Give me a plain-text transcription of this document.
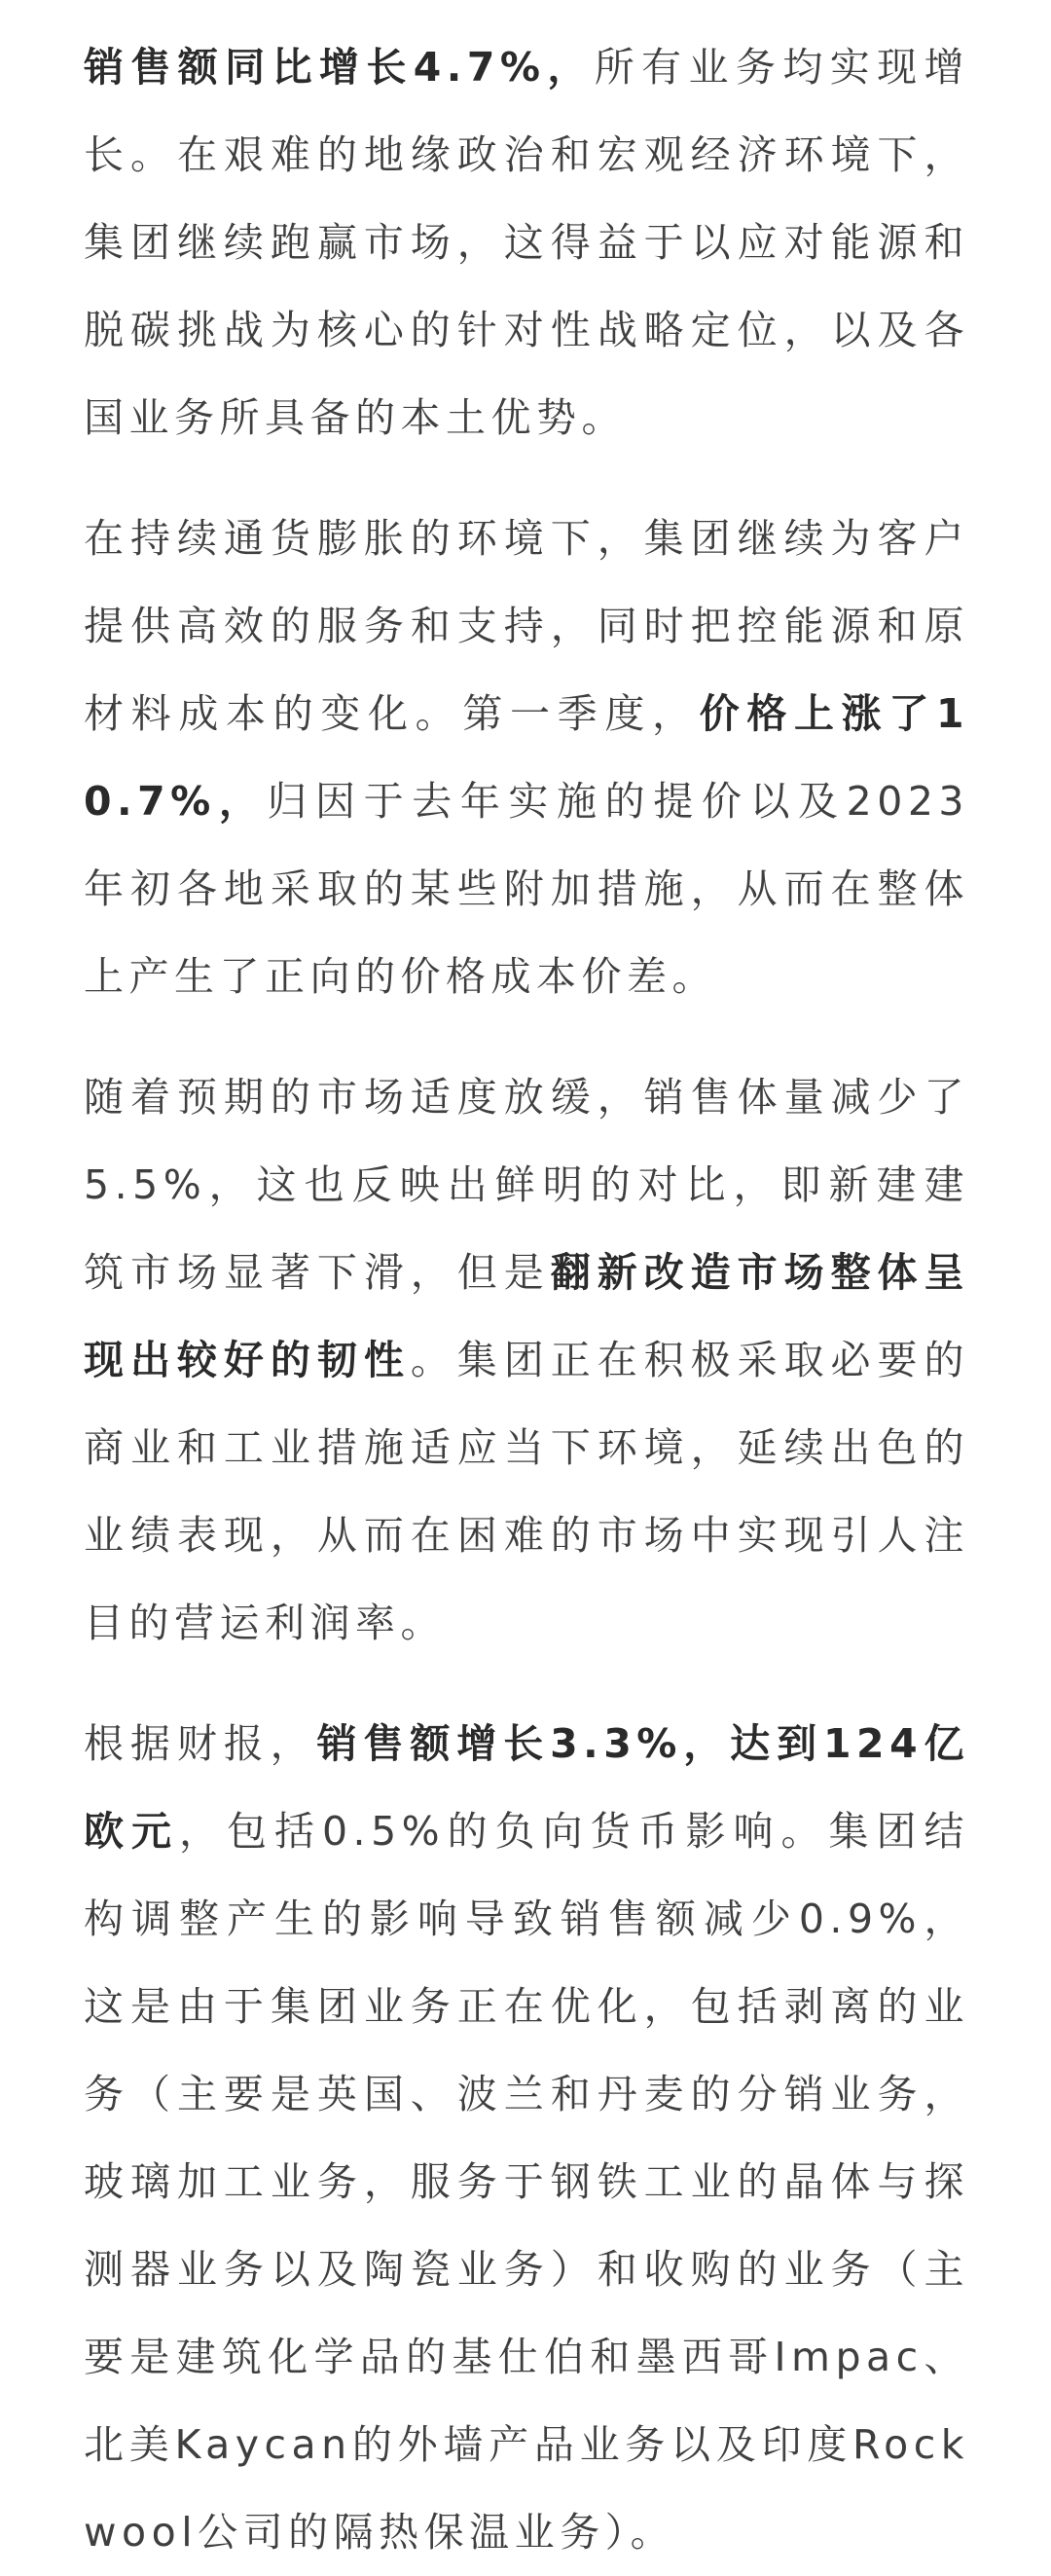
销售额同比增长4.7%，所有业务均实现增长。在艰难的地缘政治和宏观经济环境下，集团继续跑赢市场，这得益于以应对能源和脱碳挑战为核心的针对性战略定位，以及各国业务所具备的本土优势。

在持续通货膨胀的环境下，集团继续为客户提供高效的服务和支持，同时把控能源和原材料成本的变化。第一季度，价格上涨了10.7%，归因于去年实施的提价以及2023年初各地采取的某些附加措施，从而在整体上产生了正向的价格成本价差。

随着预期的市场适度放缓，销售体量减少了5.5%，这也反映出鲜明的对比，即新建建筑市场显著下滑，但是翻新改造市场整体呈现出较好的韧性。集团正在积极采取必要的商业和工业措施适应当下环境，延续出色的业绩表现，从而在困难的市场中实现引人注目的营运利润率。

根据财报，销售额增长3.3%，达到124亿欧元，包括0.5%的负向货币影响。集团结构调整产生的影响导致销售额减少0.9%，这是由于集团业务正在优化，包括剥离的业务（主要是英国、波兰和丹麦的分销业务，玻璃加工业务，服务于钢铁工业的晶体与探测器业务以及陶瓷业务）和收购的业务（主要是建筑化学品的基仕伯和墨西哥Impac、北美Kaycan的外墙产品业务以及印度Rockwool公司的隔热保温业务）。
